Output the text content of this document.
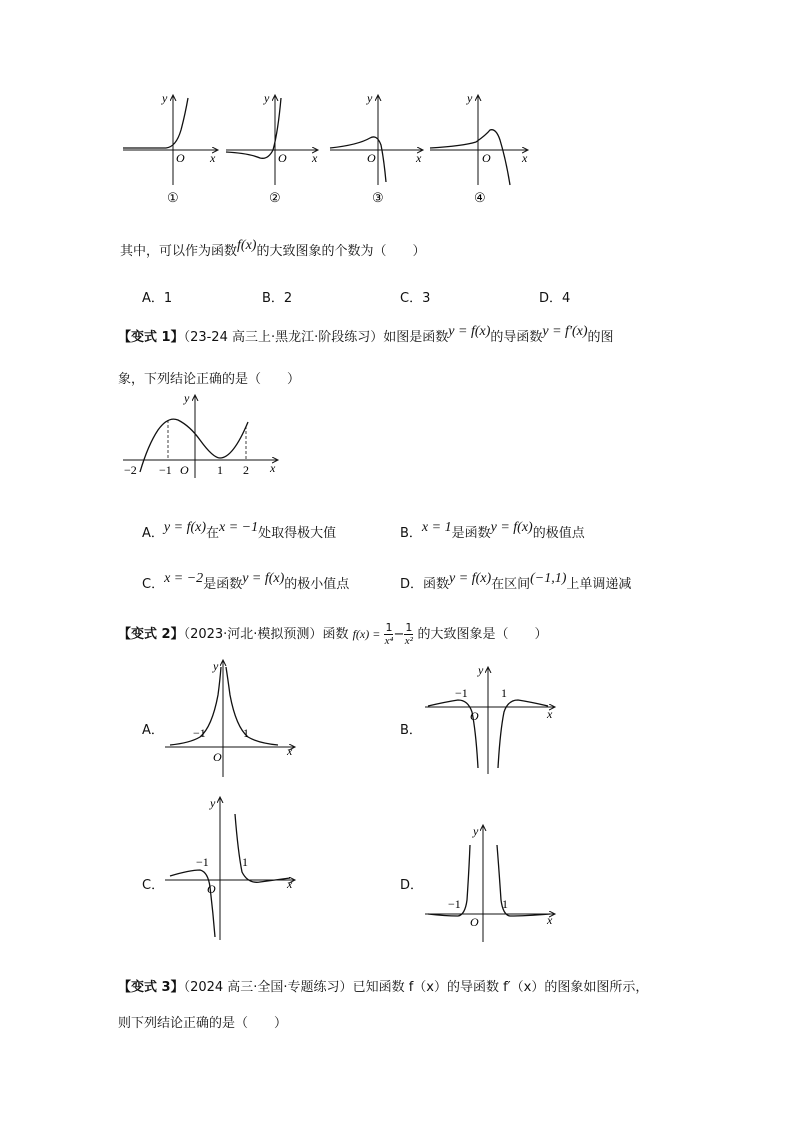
y
x
O
①
y
x
O
②
y
x
O
③
y
x
O
④
其中，可以作为函数f(x)的大致图象的个数为（　　）
A．1	B．2	C．3	D．4
【变式 1】（23-24 高三上·黑龙江·阶段练习）如图是函数y = f(x)的导函数y = f′(x)的图
象，下列结论正确的是（　　）
y
x
O
−2 −1	1 2
A．y = f(x)在x = −1处取得极大值	B．x = 1是函数y = f(x)的极值点
C．x = −2是函数y = f(x)的极小值点	D．函数y = f(x)在区间(−1,1)上单调递减
【变式 2】（2023·河北·模拟预测）函数 $f(x) = \frac{1}{\text{x⁴}} - \frac{1}{\text{x²}}$ 的大致图象是（　　）
A．
y
x
O
−1	1	B．
y
x
O
−1	1
C．
y
x
O
−1	1
D．
y
x
O
−1	1
【变式 3】（2024 高三·全国·专题练习）已知函数 f（x）的导函数 f′（x）的图象如图所示，
则下列结论正确的是（　　）
